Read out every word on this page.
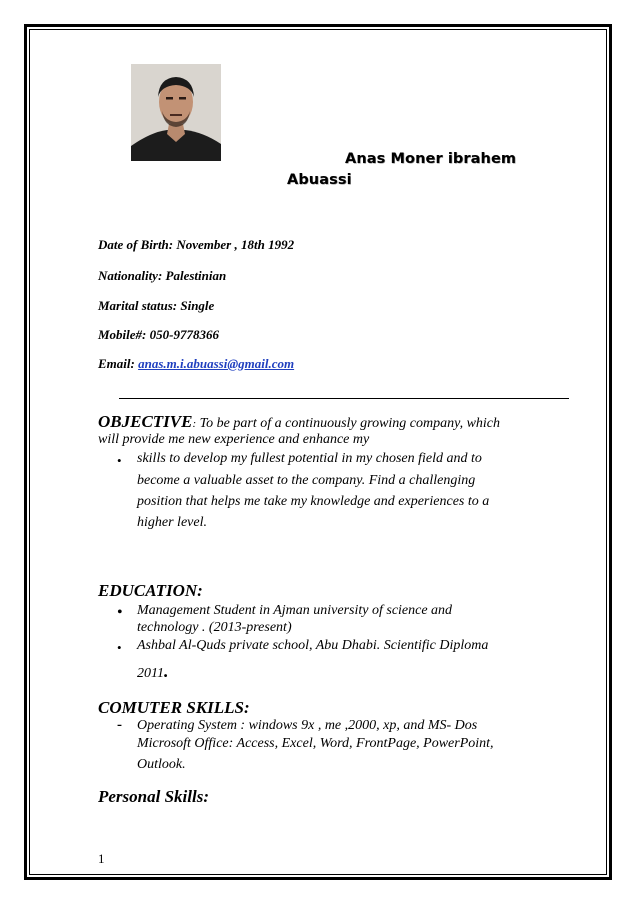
Anas Moner ibrahem
Abuassi
Date of Birth: November , 18th 1992
Nationality: Palestinian
Marital status: Single
Mobile#: 050-9778366
Email: anas.m.i.abuassi@gmail.com
OBJECTIVE: To be part of a continuously growing company, which
will provide me new experience and enhance my
• skills to develop my fullest potential in my chosen field and to
become a valuable asset to the company. Find a challenging
position that helps me take my knowledge and experiences to a
higher level.
EDUCATION:
• Management Student in Ajman university of science and
technology . (2013-present)
• Ashbal Al-Quds private school, Abu Dhabi. Scientific Diploma
2011.
COMUTER SKILLS:
- Operating System : windows 9x , me ,2000, xp, and MS- Dos
Microsoft Office: Access, Excel, Word, FrontPage, PowerPoint,
Outlook.
Personal Skills:
1
